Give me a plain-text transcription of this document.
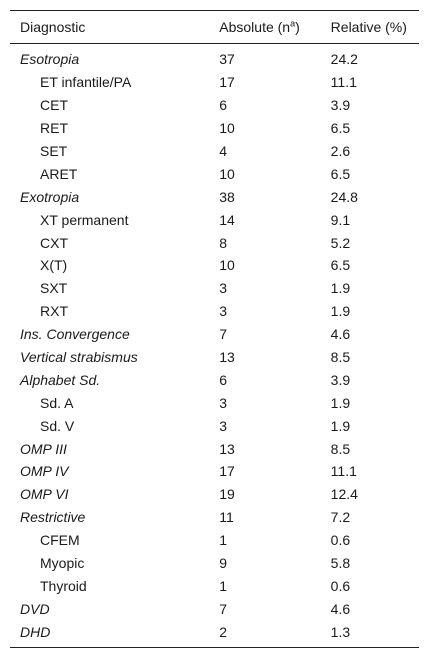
Diagnostic	Absolute $(n^a)$	Relative (%)
Esotropia	37	24.2
ET infantile/PA	17	11.1
CET	6	3.9
RET	10	6.5
SET	4	2.6
ARET	10	6.5
Exotropia	38	24.8
XT permanent	14	9.1
CXT	8	5.2
X(T)	10	6.5
SXT	3	1.9
RXT	3	1.9
Ins. Convergence	7	4.6
Vertical strabismus	13	8.5
Alphabet Sd.	6	3.9
Sd. A	3	1.9
Sd. V	3	1.9
OMP III	13	8.5
OMP IV	17	11.1
OMP VI	19	12.4
Restrictive	11	7.2
CFEM	1	0.6
Myopic	9	5.8
Thyroid	1	0.6
DVD	7	4.6
DHD	2	1.3
